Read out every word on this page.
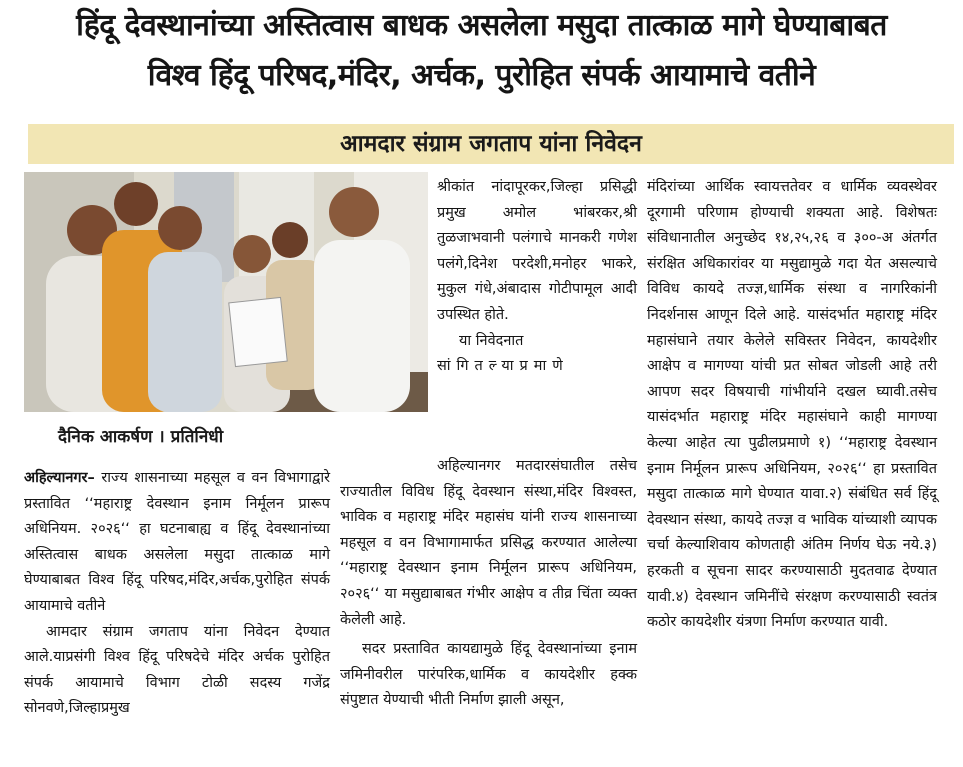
हिंदू देवस्थानांच्या अस्तित्वास बाधक असलेला मसुदा तात्काळ मागे घेण्याबाबत
विश्व हिंदू परिषद,मंदिर, अर्चक, पुरोहित संपर्क आयामाचे वतीने
आमदार संग्राम जगताप यांना निवेदन
दैनिक आकर्षण । प्रतिनिधी

अहिल्यानगर– राज्य शासनाच्या महसूल व वन विभागाद्वारे प्रस्तावित ‘‘महाराष्ट्र देवस्थान इनाम निर्मूलन प्रारूप अधिनियम. २०२६‘‘ हा घटनाबाह्य व हिंदू देवस्थानांच्या अस्तित्वास बाधक असलेला मसुदा तात्काळ मागे घेण्याबाबत विश्व हिंदू परिषद,मंदिर,अर्चक,पुरोहित संपर्क आयामाचे वतीने

आमदार संग्राम जगताप यांना निवेदन देण्यात आले.याप्रसंगी विश्व हिंदू परिषदेचे मंदिर अर्चक पुरोहित संपर्क आयामाचे विभाग टोळी सदस्य गजेंद्र सोनवणे,जिल्हाप्रमुख

श्रीकांत नांदापूरकर,जिल्हा प्रसिद्धी प्रमुख अमोल भांबरकर,श्री तुळजाभवानी पलंगाचे मानकरी गणेश पलंगे,दिनेश परदेशी,मनोहर भाकरे, मुकुल गंधे,अंबादास गोटीपामूल आदी उपस्थित होते.

या निवेदनात

सांगितल्याप्रमाणे

अहिल्यानगर मतदारसंघातील तसेच राज्यातील विविध हिंदू देवस्थान संस्था,मंदिर विश्वस्त, भाविक व महाराष्ट्र मंदिर महासंघ यांनी राज्य शासनाच्या महसूल व वन विभागामार्फत प्रसिद्ध करण्यात आलेल्या ‘‘महाराष्ट्र देवस्थान इनाम निर्मूलन प्रारूप अधिनियम, २०२६‘‘ या मसुद्याबाबत गंभीर आक्षेप व तीव्र चिंता व्यक्त केलेली आहे.

सदर प्रस्तावित कायद्यामुळे हिंदू देवस्थानांच्या इनाम जमिनीवरील पारंपरिक,धार्मिक व कायदेशीर हक्क संपुष्टात येण्याची भीती निर्माण झाली असून,

मंदिरांच्या आर्थिक स्वायत्ततेवर व धार्मिक व्यवस्थेवर दूरगामी परिणाम होण्याची शक्यता आहे. विशेषतः संविधानातील अनुच्छेद १४,२५,२६ व ३००-अ अंतर्गत संरक्षित अधिकारांवर या मसुद्यामुळे गदा येत असल्याचे विविध कायदे तज्ज्ञ,धार्मिक संस्था व नागरिकांनी निदर्शनास आणून दिले आहे. यासंदर्भात महाराष्ट्र मंदिर महासंघाने तयार केलेले सविस्तर निवेदन, कायदेशीर आक्षेप व मागण्या यांची प्रत सोबत जोडली आहे तरी आपण सदर विषयाची गांभीर्याने दखल घ्यावी.तसेच यासंदर्भात महाराष्ट्र मंदिर महासंघाने काही मागण्या केल्या आहेत त्या पुढीलप्रमाणे १) ‘‘महाराष्ट्र देवस्थान इनाम निर्मूलन प्रारूप अधिनियम, २०२६‘‘ हा प्रस्तावित मसुदा तात्काळ मागे घेण्यात यावा.२) संबंधित सर्व हिंदू देवस्थान संस्था, कायदे तज्ज्ञ व भाविक यांच्याशी व्यापक चर्चा केल्याशिवाय कोणताही अंतिम निर्णय घेऊ नये.३) हरकती व सूचना सादर करण्यासाठी मुदतवाढ देण्यात यावी.४) देवस्थान जमिनींचे संरक्षण करण्यासाठी स्वतंत्र कठोर कायदेशीर यंत्रणा निर्माण करण्यात यावी.
